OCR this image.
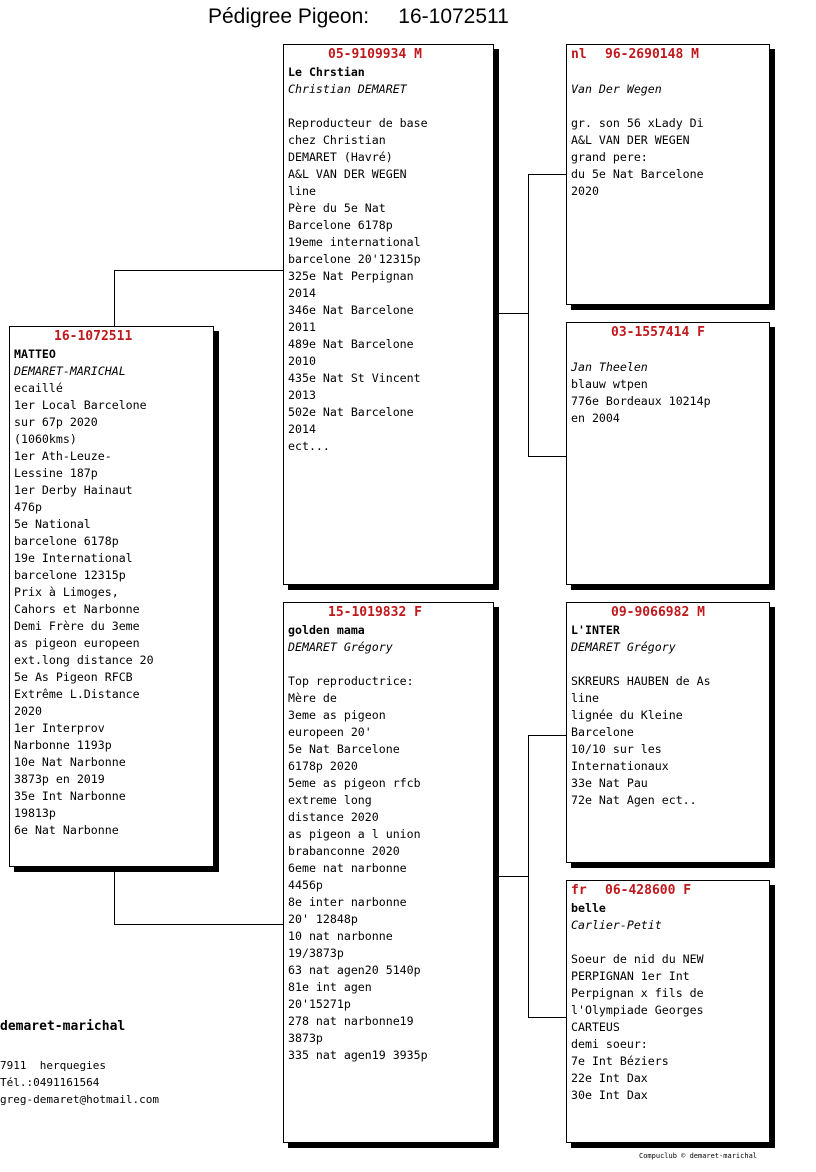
Pédigree Pigeon:     16-1072511
16-1072511
MATTEO
DEMARET-MARICHAL
ecaillé
1er Local Barcelone
sur 67p 2020
(1060kms)
1er Ath-Leuze-
Lessine 187p
1er Derby Hainaut
476p
5e National
barcelone 6178p
19e International
barcelone 12315p
Prix à Limoges,
Cahors et Narbonne
Demi Frère du 3eme
as pigeon europeen
ext.long distance 20
5e As Pigeon RFCB
Extrême L.Distance
2020
1er Interprov
Narbonne 1193p
10e Nat Narbonne
3873p en 2019
35e Int Narbonne
19813p
6e Nat Narbonne
05-9109934 M
Le Chrstian
Christian DEMARET
Reproducteur de base
chez Christian
DEMARET (Havré)
A&L VAN DER WEGEN
line
Père du 5e Nat
Barcelone 6178p
19eme international
barcelone 20'12315p
325e Nat Perpignan
2014
346e Nat Barcelone
2011
489e Nat Barcelone
2010
435e Nat St Vincent
2013
502e Nat Barcelone
2014
ect...
15-1019832 F
golden mama
DEMARET Grégory
Top reproductrice:
Mère de
3eme as pigeon
europeen 20'
5e Nat Barcelone
6178p 2020
5eme as pigeon rfcb
extreme long
distance 2020
as pigeon a l union
brabanconne 2020
6eme nat narbonne
4456p
8e inter narbonne
20' 12848p
10 nat narbonne
19/3873p
63 nat agen20 5140p
81e int agen
20'15271p
278 nat narbonne19
3873p
335 nat agen19 3935p
nl	96-2690148 M
Van Der Wegen
gr. son 56 xLady Di
A&L VAN DER WEGEN
grand pere:
du 5e Nat Barcelone
2020
03-1557414 F
Jan Theelen
blauw wtpen
776e Bordeaux 10214p
en 2004
09-9066982 M
L'INTER
DEMARET Grégory
SKREURS HAUBEN de As
line
lignée du Kleine
Barcelone
10/10 sur les
Internationaux
33e Nat Pau
72e Nat Agen ect..
fr	06-428600 F
belle
Carlier-Petit
Soeur de nid du NEW
PERPIGNAN 1er Int
Perpignan x fils de
l'Olympiade Georges
CARTEUS
demi soeur:
7e Int Béziers
22e Int Dax
30e Int Dax
demaret-marichal
7911  herquegies
Tél.:0491161564
greg-demaret@hotmail.com
Compuclub © demaret-marichal
